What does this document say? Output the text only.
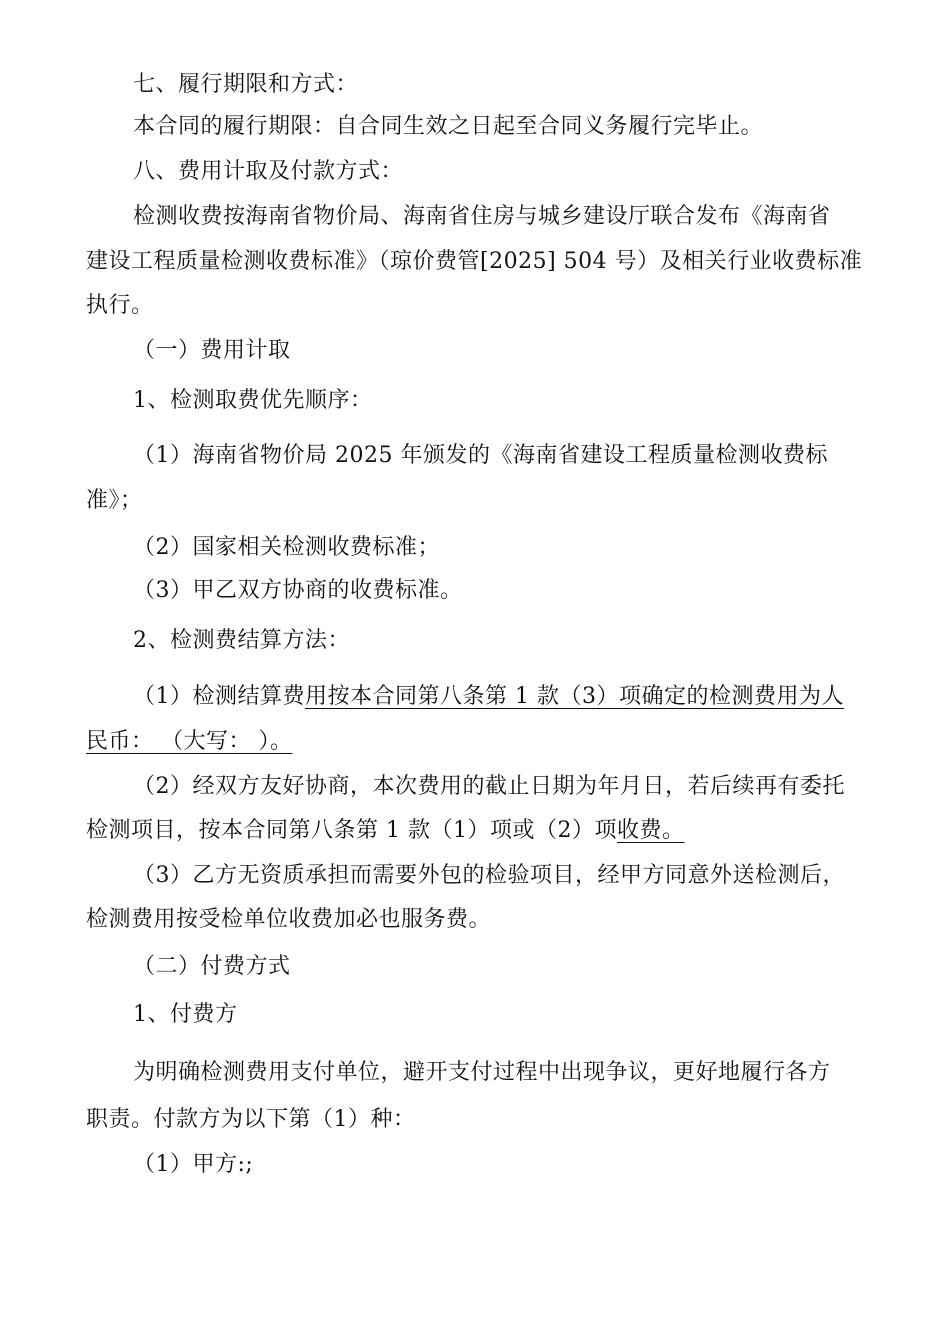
七、履行期限和方式：
本合同的履行期限：自合同生效之日起至合同义务履行完毕止。
八、费用计取及付款方式：
检测收费按海南省物价局、海南省住房与城乡建设厅联合发布《海南省
建设工程质量检测收费标准》（琼价费管[2025] 504 号）及相关行业收费标准
执行。
（一）费用计取
1、检测取费优先顺序：
（1）海南省物价局 2025 年颁发的《海南省建设工程质量检测收费标
准》；
（2）国家相关检测收费标准；
（3）甲乙双方协商的收费标准。
2、检测费结算方法：
（1）检测结算费用按本合同第八条第 1 款（3）项确定的检测费用为人
民币： （大写： ）。
（2）经双方友好协商，本次费用的截止日期为年月日，若后续再有委托
检测项目，按本合同第八条第 1 款（1）项或（2）项收费。
（3）乙方无资质承担而需要外包的检验项目，经甲方同意外送检测后，
检测费用按受检单位收费加必也服务费。
（二）付费方式
1、付费方
为明确检测费用支付单位，避开支付过程中出现争议，更好地履行各方
职责。付款方为以下第（1）种：
（1）甲方:;
